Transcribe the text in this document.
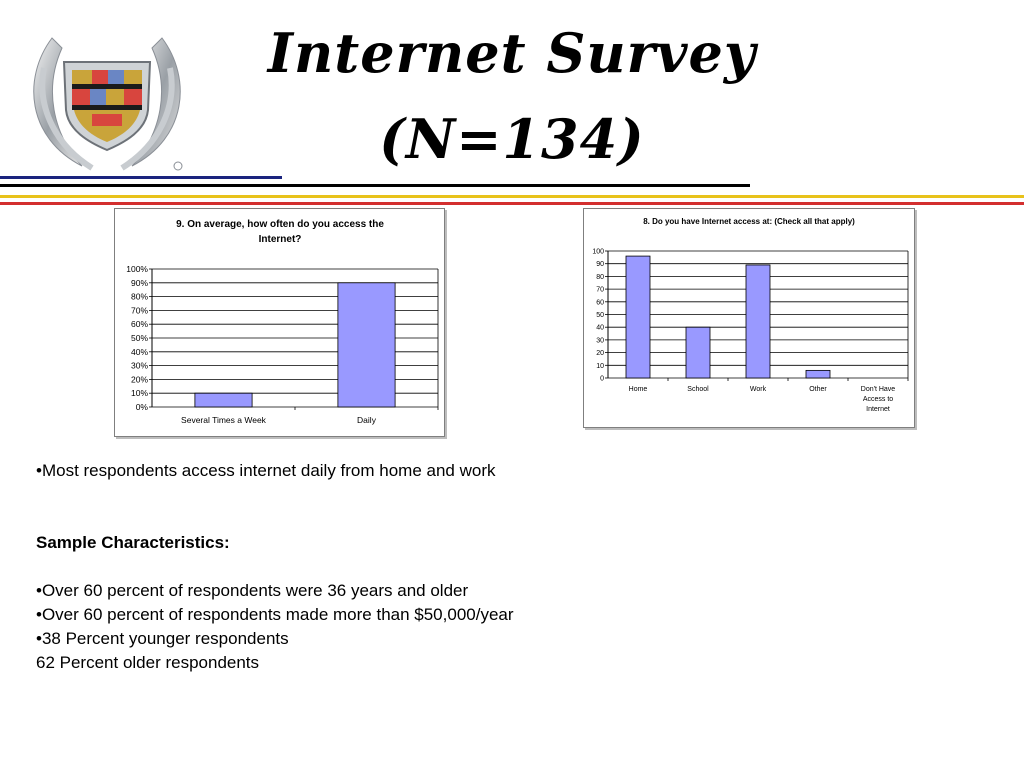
Internet Survey
(N=134)
9. On average, how often do you access the
Internet?
0%
10%
20%
30%
40%
50%
60%
70%
80%
90%
100%
Several Times a Week	Daily
8. Do you have Internet access at: (Check all that apply)
0
10
20
30
40
50
60
70
80
90
100
Home	School	Work	Other	Don't Have
Access to
Internet

•Most respondents access internet daily from home and work

Sample Characteristics:

•Over 60 percent of respondents were 36 years and older

•Over 60 percent of respondents made more than $50,000/year

•38 Percent younger respondents

62 Percent older respondents
